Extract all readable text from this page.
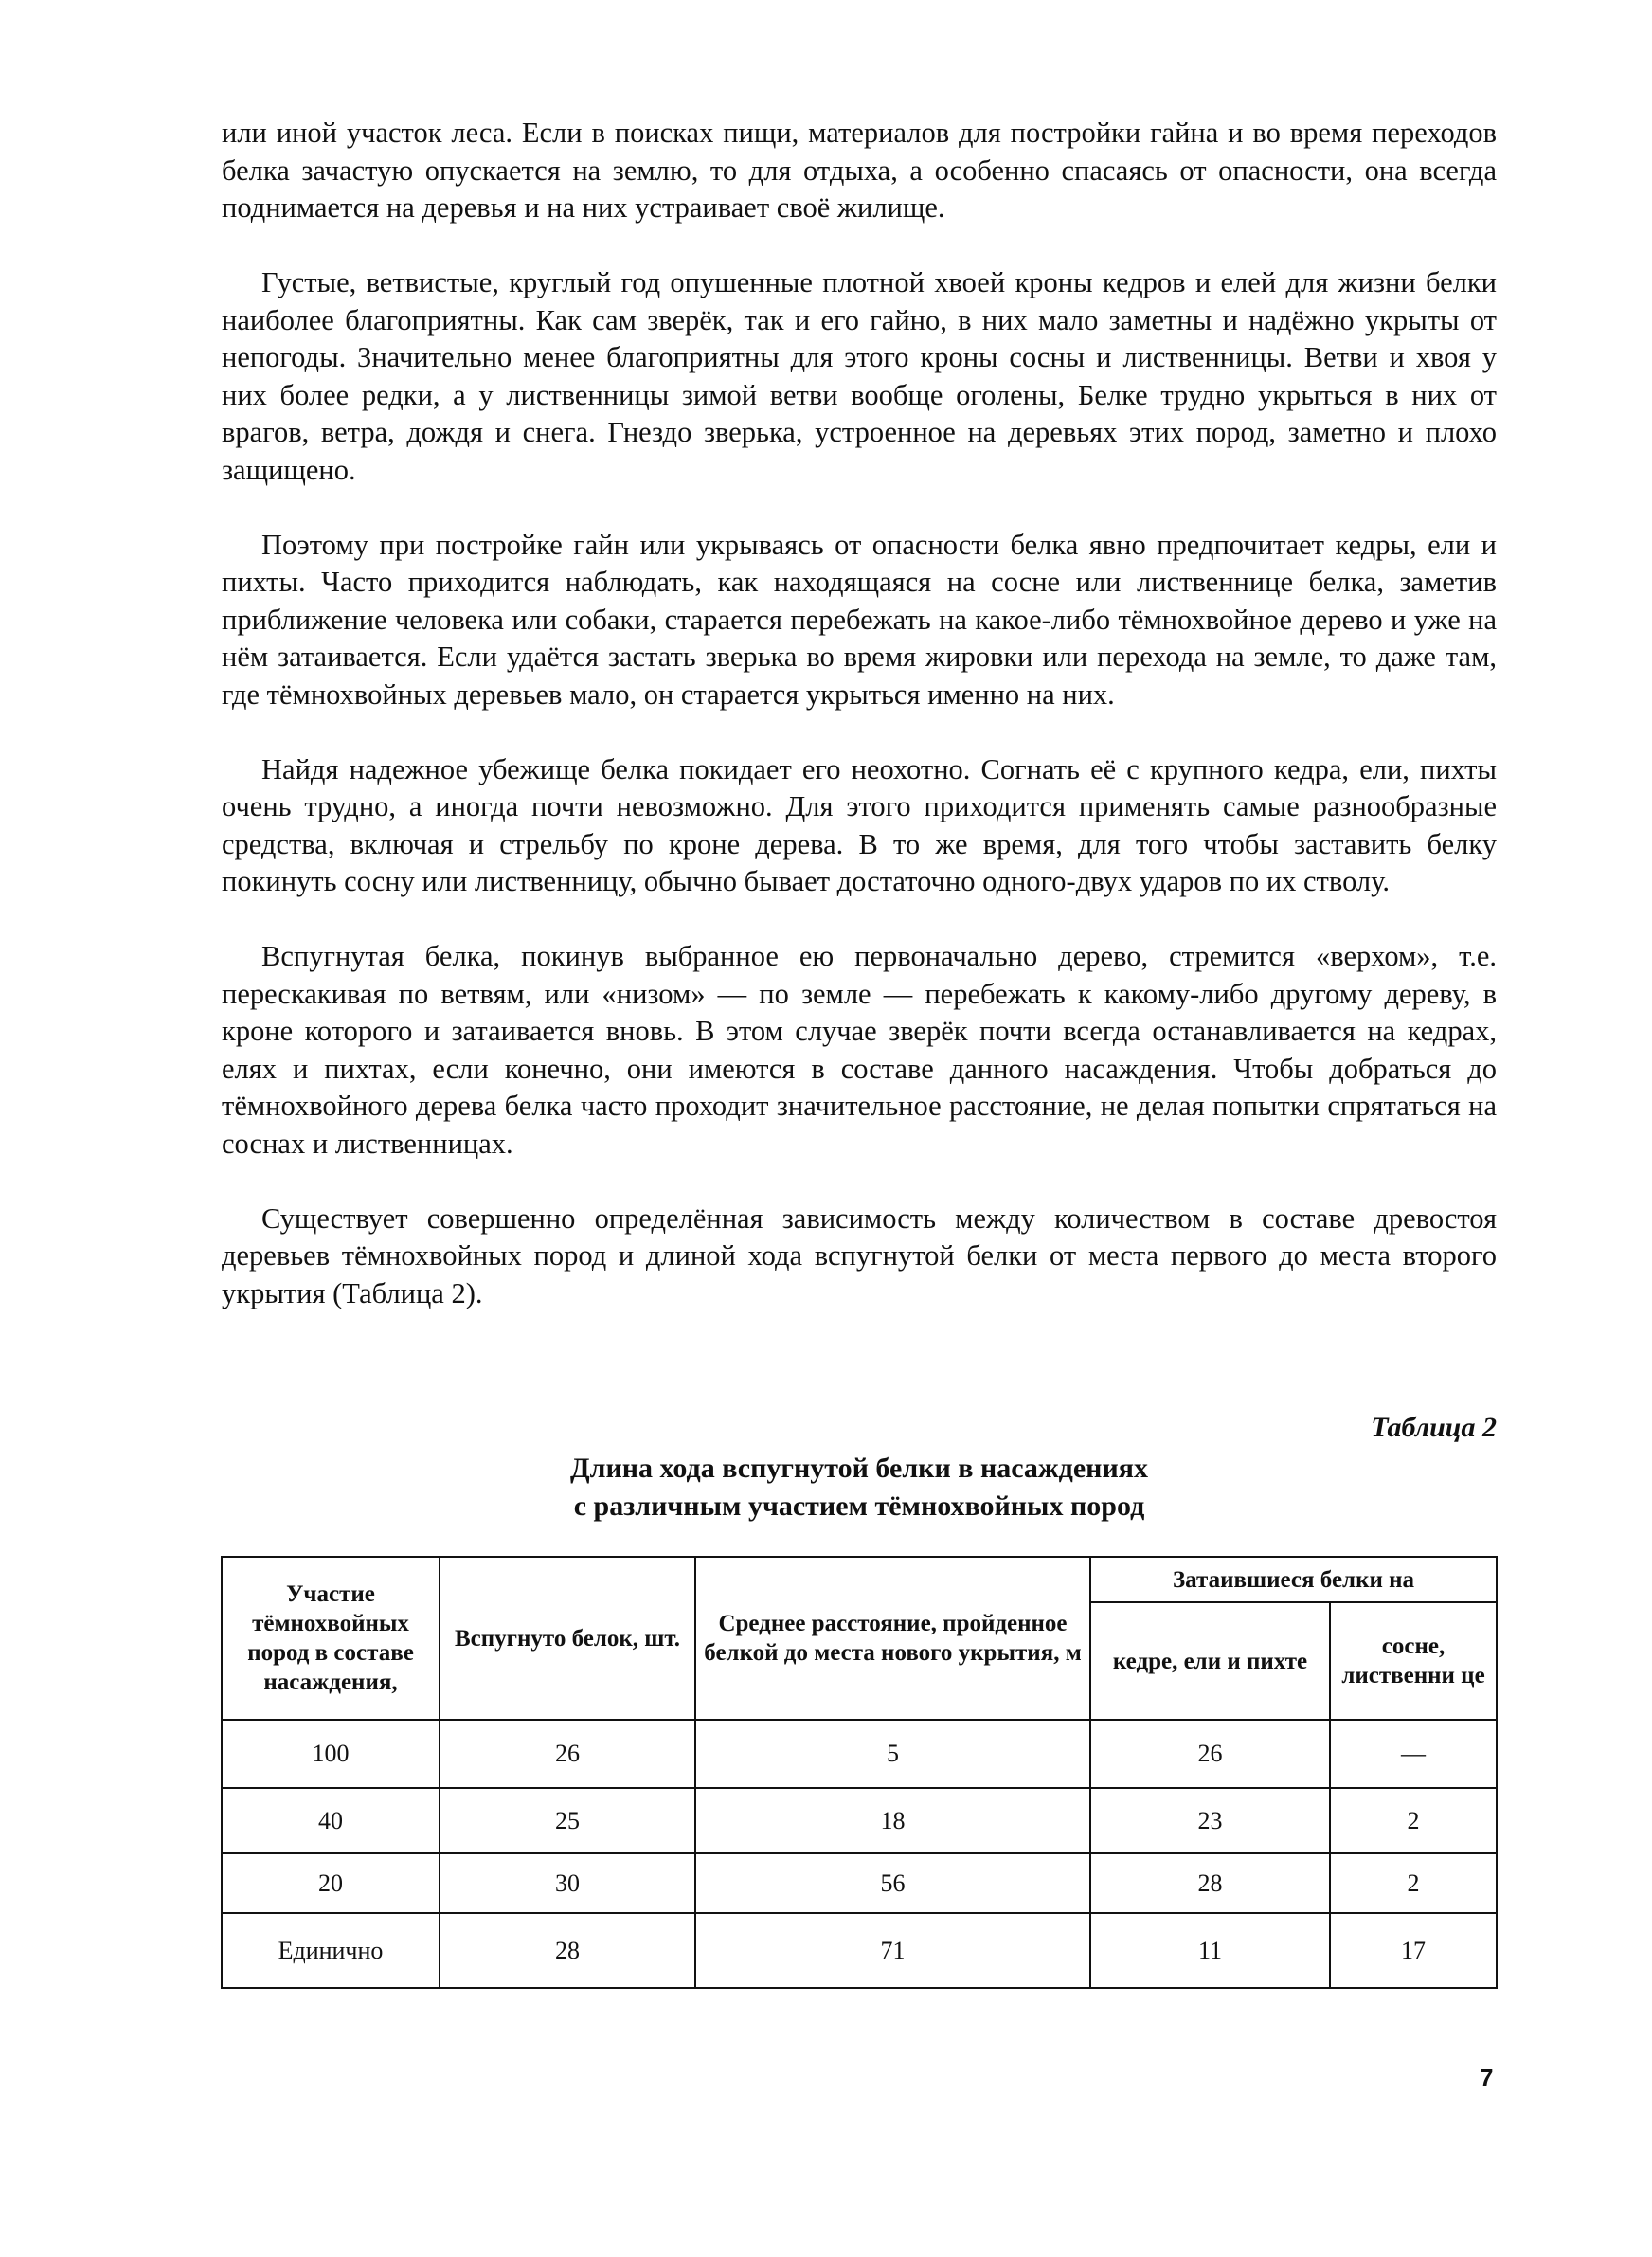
или иной участок леса. Если в поисках пищи, материалов для постройки гайна и во время переходов белка зачастую опускается на землю, то для отдыха, а особенно спасаясь от опасности, она всегда поднимается на деревья и на них устраивает своё жилище.

Густые, ветвистые, круглый год опушенные плотной хвоей кроны кедров и елей для жизни белки наиболее благоприятны. Как сам зверёк, так и его гайно, в них мало заметны и надёжно укрыты от непогоды. Значительно менее благоприятны для этого кроны сосны и лиственницы. Ветви и хвоя у них более редки, а у лиственницы зимой ветви вообще оголены, Белке трудно укрыться в них от врагов, ветра, дождя и снега. Гнездо зверька, устроенное на деревьях этих пород, заметно и плохо защищено.

Поэтому при постройке гайн или укрываясь от опасности белка явно предпочитает кедры, ели и пихты. Часто приходится наблюдать, как находящаяся на сосне или лиственнице белка, заметив приближение человека или собаки, старается перебежать на какое-либо тёмнохвойное дерево и уже на нём затаивается. Если удаётся застать зверька во время жировки или перехода на земле, то даже там, где тёмнохвойных деревьев мало, он старается укрыться именно на них.

Найдя надежное убежище белка покидает его неохотно. Согнать её с крупного кедра, ели, пихты очень трудно, а иногда почти невозможно. Для этого приходится применять самые разнообразные средства, включая и стрельбу по кроне дерева. В то же время, для того чтобы заставить белку покинуть сосну или лиственницу, обычно бывает достаточно одного-двух ударов по их стволу.

Вспугнутая белка, покинув выбранное ею первоначально дерево, стремится «верхом», т.е. перескакивая по ветвям, или «низом» — по земле — перебежать к какому-либо другому дереву, в кроне которого и затаивается вновь. В этом случае зверёк почти всегда останавливается на кедрах, елях и пихтах, если конечно, они имеются в составе данного насаждения. Чтобы добраться до тёмнохвойного дерева белка часто проходит значительное расстояние, не делая попытки спрятаться на соснах и лиственницах.

Существует совершенно определённая зависимость между количеством в составе древостоя деревьев тёмнохвойных пород и длиной хода вспугнутой белки от места первого до места второго укрытия (Таблица 2).

Таблица 2
Длина хода вспугнутой белки в насаждениях
с различным участием тёмнохвойных пород
Участие тёмнохвойных пород в составе насаждения,	Вспугнуто белок, шт.	Среднее расстояние, пройденное белкой до места нового укрытия, м	Затаившиеся белки на	
			кедре, ели и пихте	сосне, лиственни це
100	26	5	26	—
40	25	18	23	2
20	30	56	28	2
Единично	28	71	11	17
7
